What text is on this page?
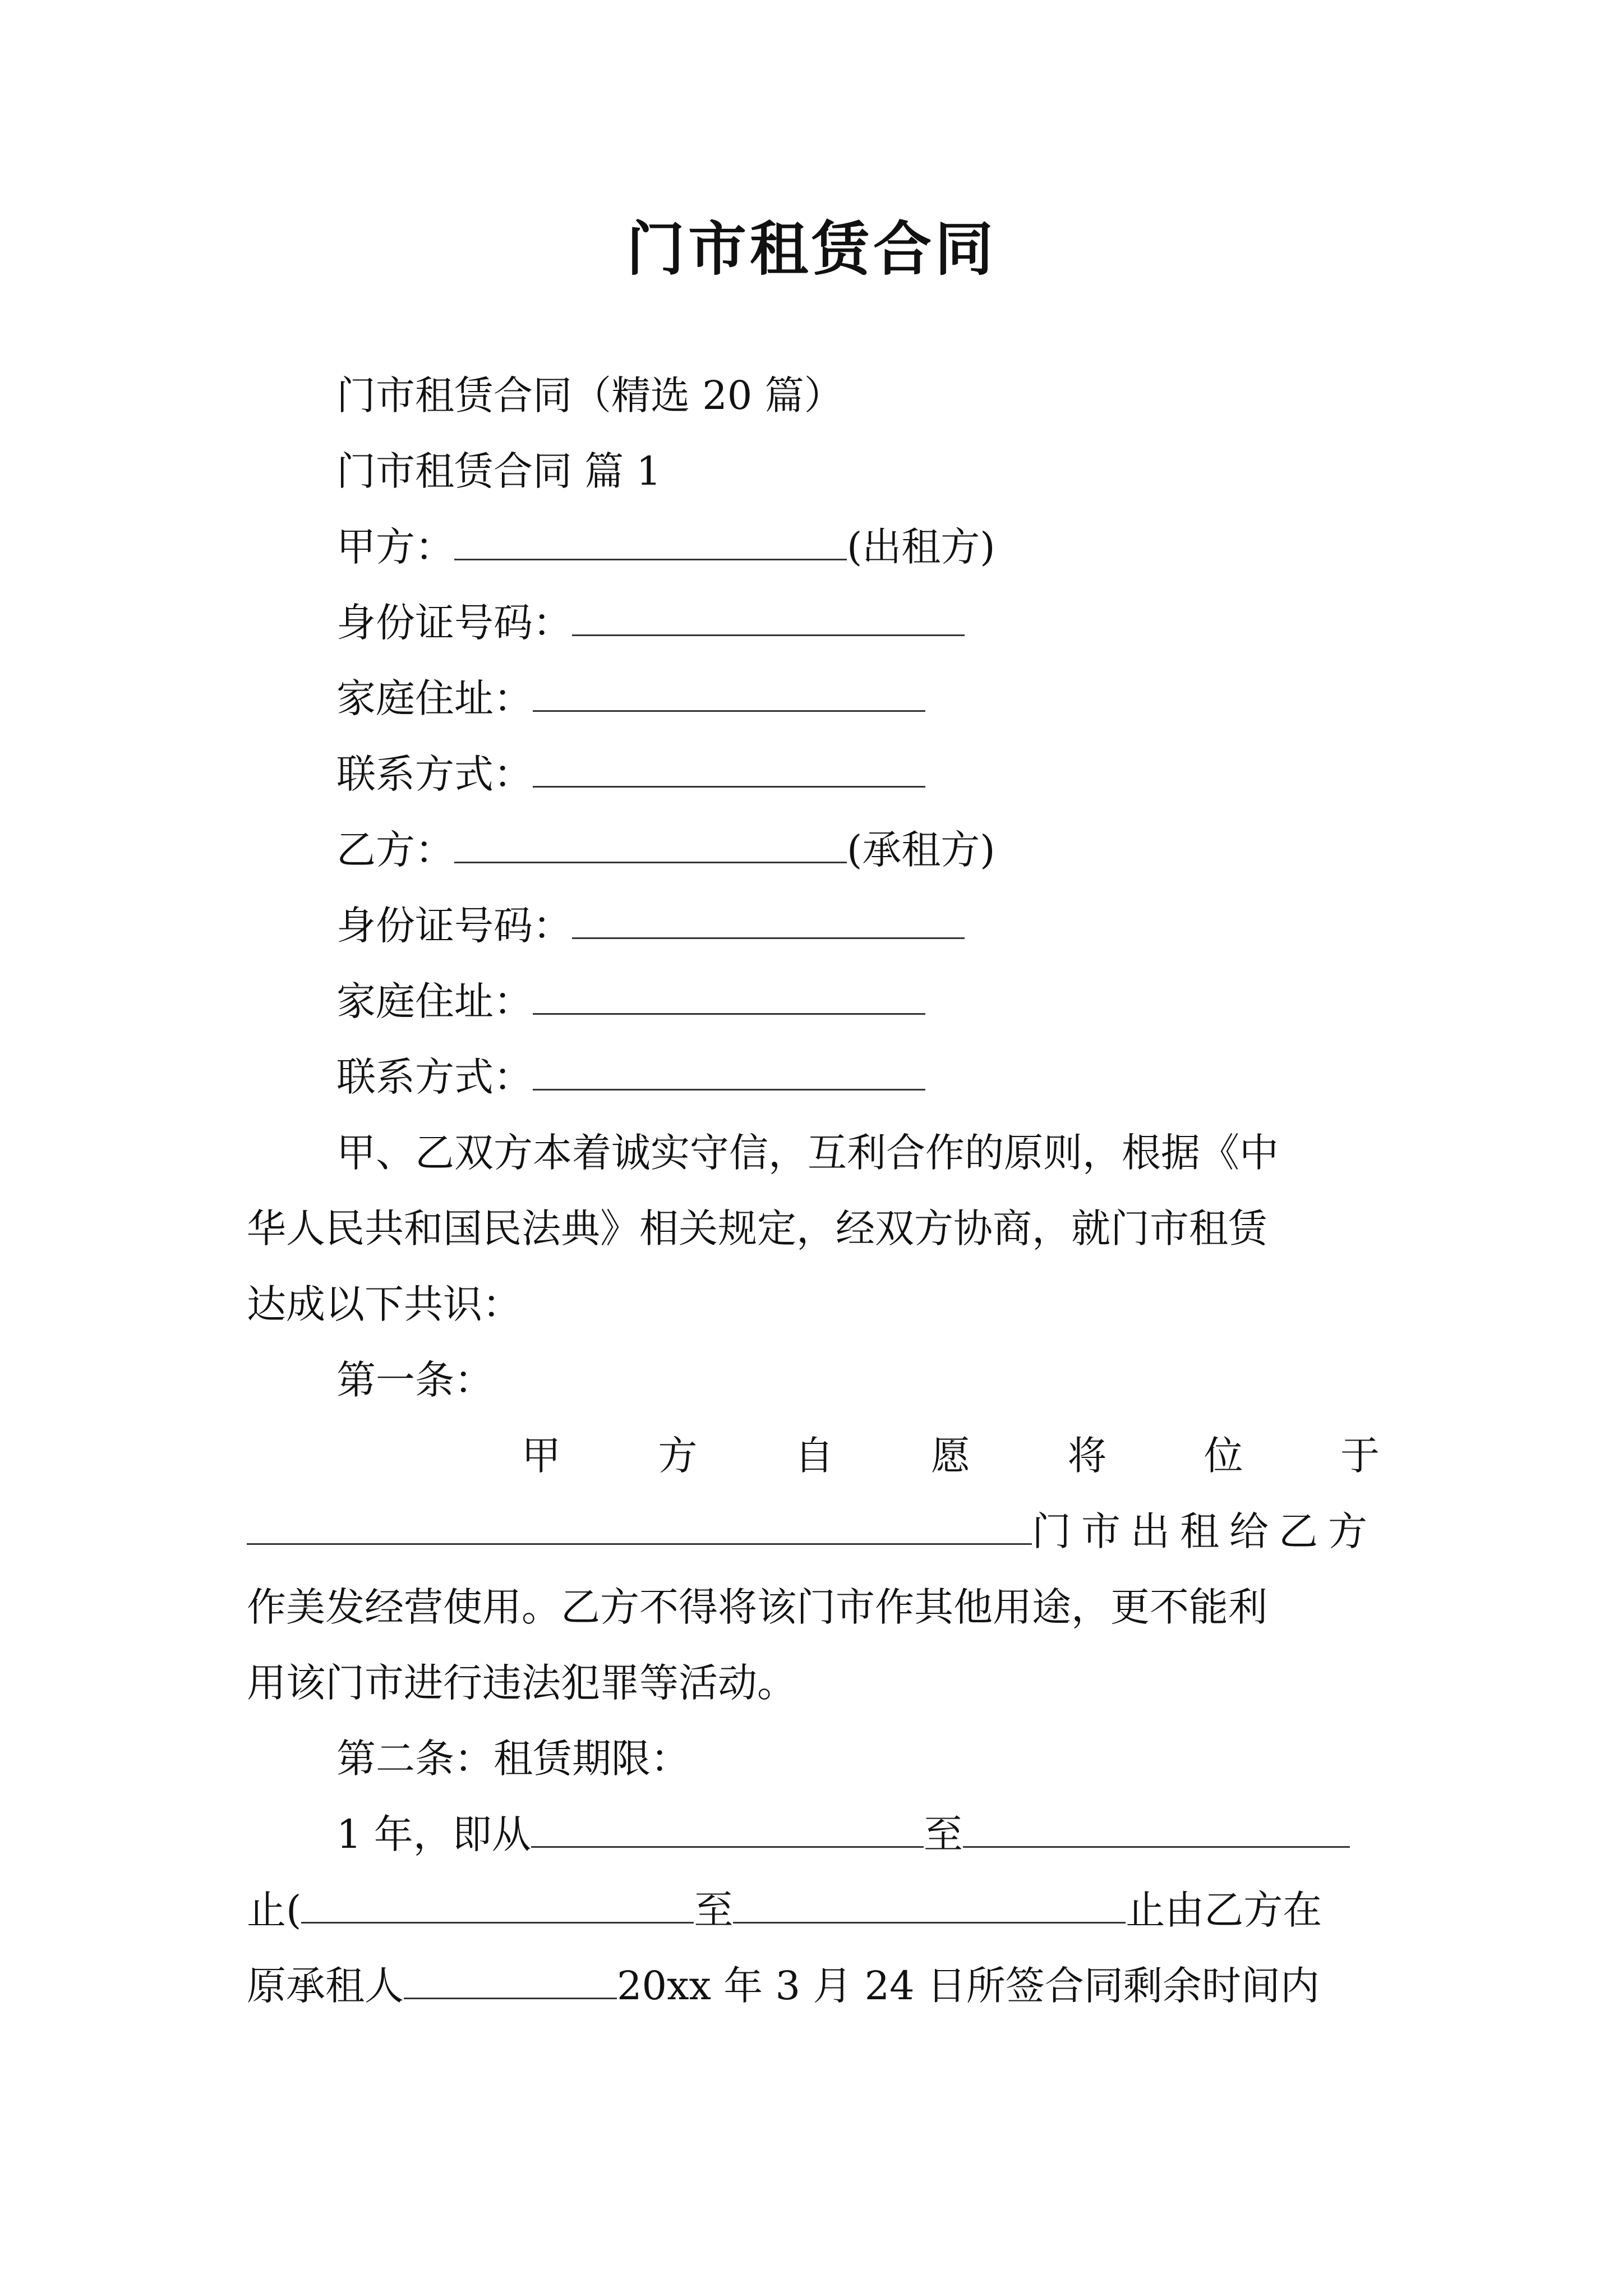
门市租赁合同
门市租赁合同（精选 20 篇）
门市租赁合同 篇 1
甲方：	(出租方)
身份证号码：
家庭住址：
联系方式：
乙方：	(承租方)
身份证号码：
家庭住址：
联系方式：
甲、乙双方本着诚实守信，互利合作的原则，根据《中
华人民共和国民法典》相关规定，经双方协商，就门市租赁
达成以下共识：
第一条：
甲 方 自 愿 将 位 于
门市出租给乙方
作美发经营使用。乙方不得将该门市作其他用途，更不能利
用该门市进行违法犯罪等活动。
第二条：租赁期限：
1 年，即从	至
止(	至	止由乙方在
原承租人	20xx 年 3 月 24 日所签合同剩余时间内
